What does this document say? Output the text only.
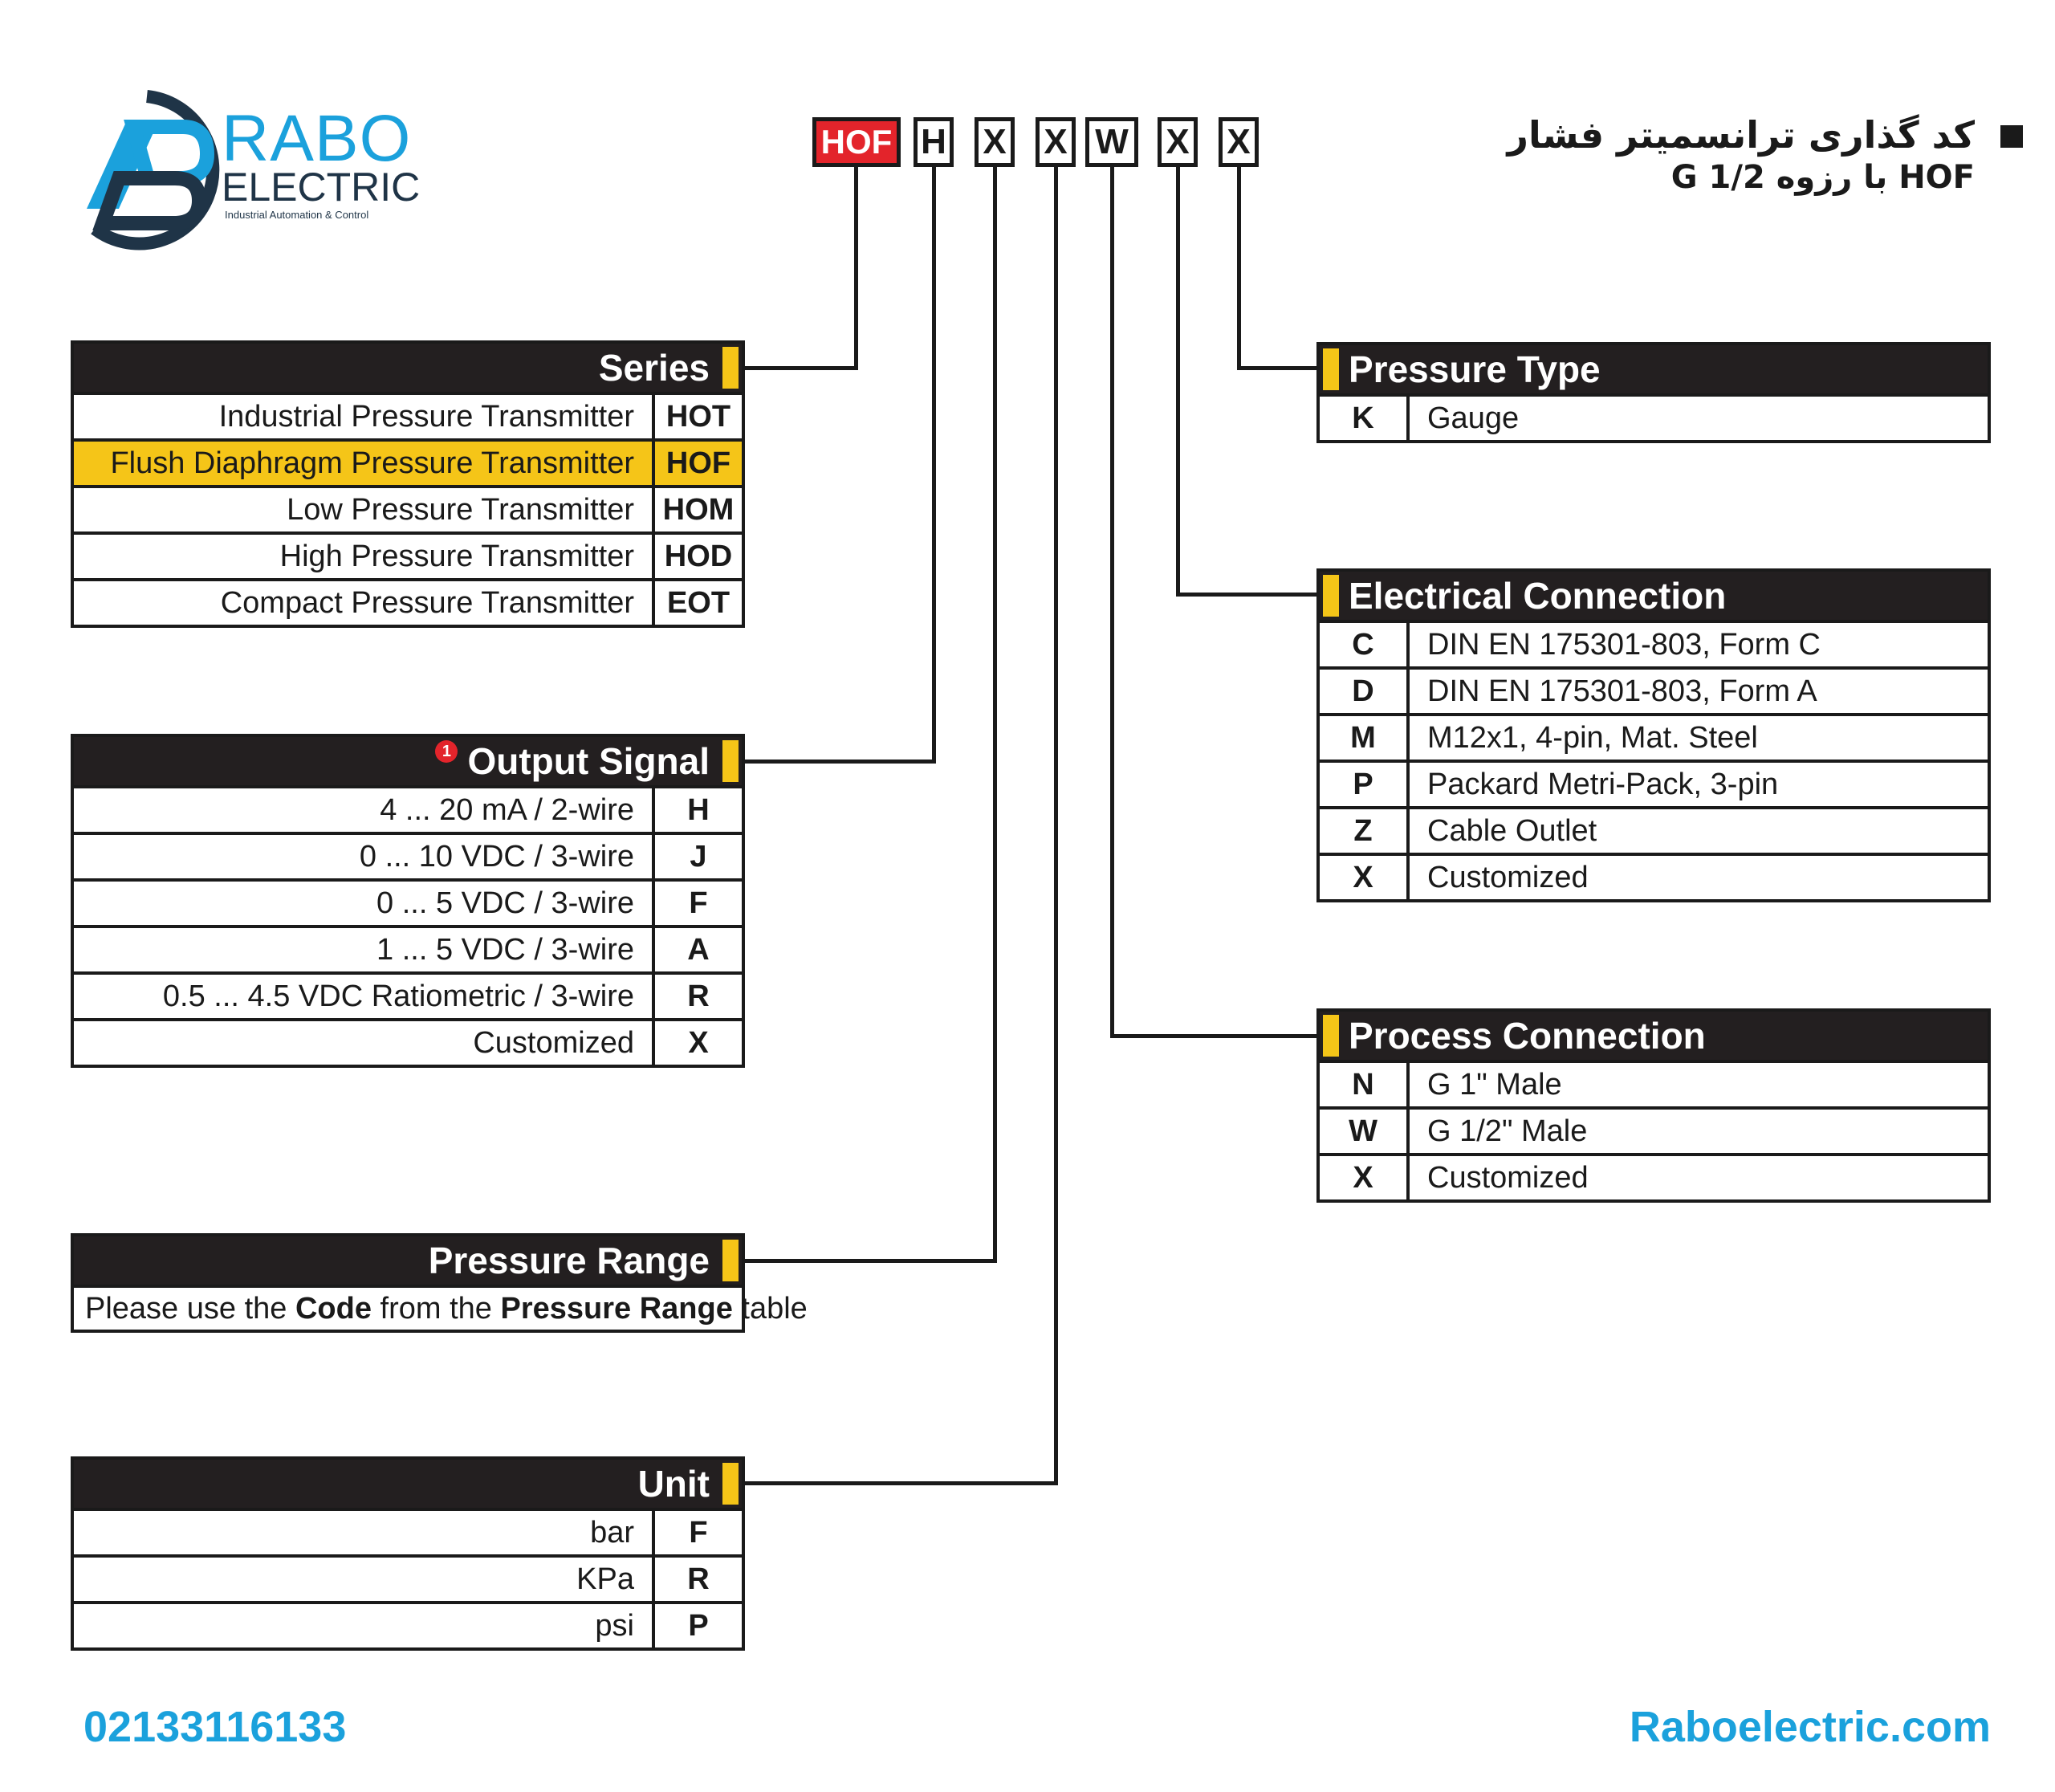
RABO
ELECTRIC
Industrial Automation & Control
کد گذاری ترانسمیتر فشار
HOF با رزوه G 1/2
HOF H X X W X X
Series
Industrial Pressure Transmitter	HOT
Flush Diaphragm Pressure Transmitter	HOF
Low Pressure Transmitter HOM
High Pressure Transmitter HOD
Compact Pressure Transmitter	EOT
1 Output Signal
4 ... 20 mA / 2-wire	H
0 ... 10 VDC / 3-wire	J
0 ... 5 VDC / 3-wire	F
1 ... 5 VDC / 3-wire	A
0.5 ... 4.5 VDC Ratiometric / 3-wire	R
Customized	X
Pressure Range
Please use the Code from the Pressure Range table
Unit
bar	F
KPa	R
psi	P
Pressure Type
K	Gauge
Electrical Connection
C	DIN EN 175301-803, Form C
D	DIN EN 175301-803, Form A
M	M12x1, 4-pin, Mat. Steel
P	Packard Metri-Pack, 3-pin
Z	Cable Outlet
X	Customized
Process Connection
N	G 1" Male
W	G 1/2" Male
X	Customized
02133116133	Raboelectric.com
